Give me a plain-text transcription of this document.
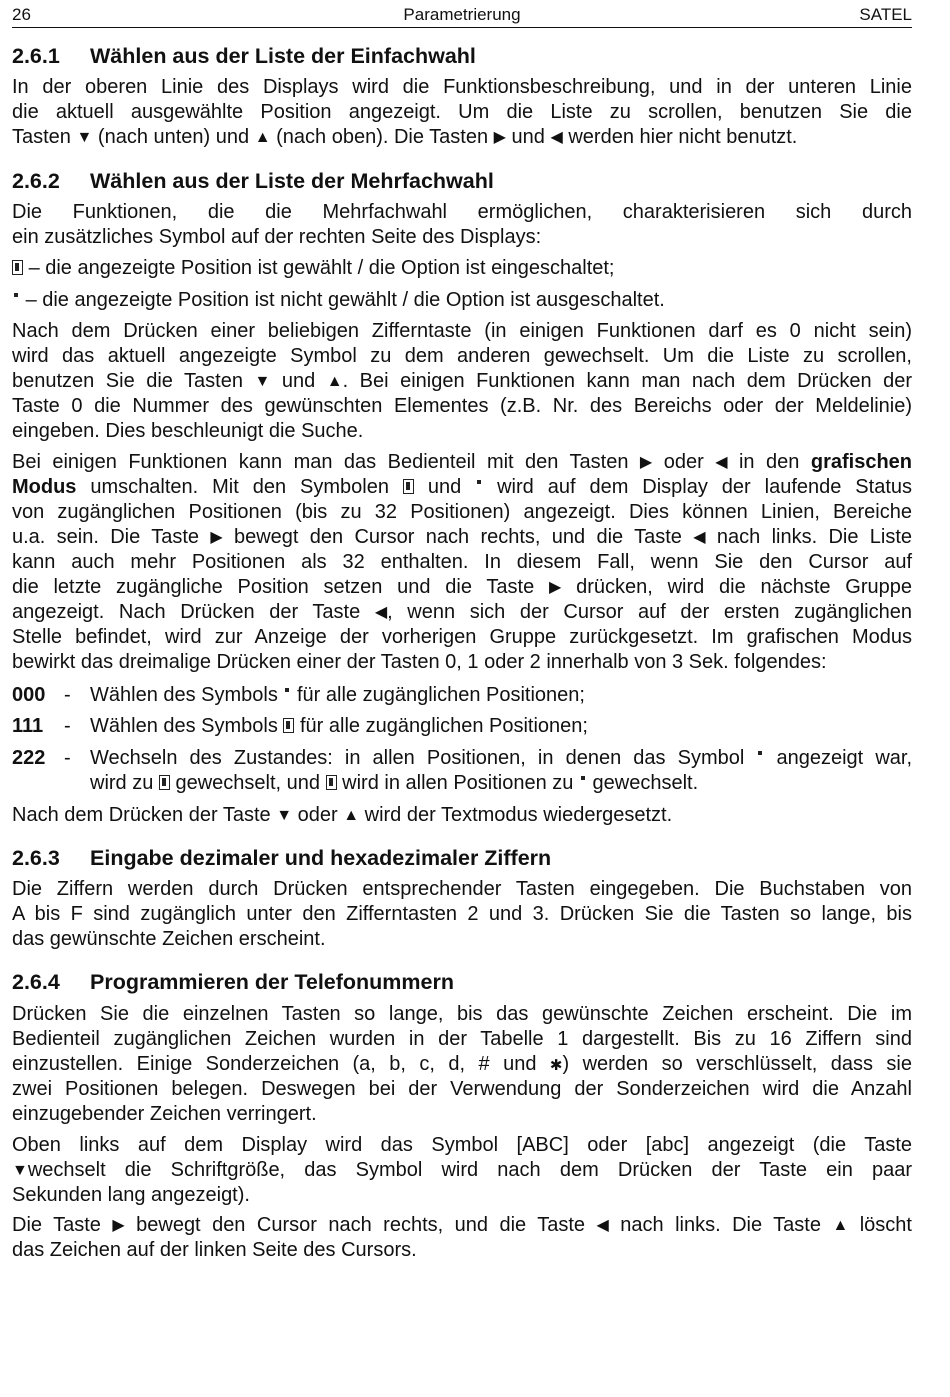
26	Parametrierung	SATEL
2.6.1 Wählen aus der Liste der Einfachwahl
In der oberen Linie des Displays wird die Funktionsbeschreibung, und in der unteren Linie
die aktuell ausgewählte Position angezeigt. Um die Liste zu scrollen, benutzen Sie die
Tasten ▼ (nach unten) und ▲ (nach oben). Die Tasten ▶ und ◀ werden hier nicht benutzt.
2.6.2 Wählen aus der Liste der Mehrfachwahl
Die Funktionen, die die Mehrfachwahl ermöglichen, charakterisieren sich durch
ein zusätzliches Symbol auf der rechten Seite des Displays:
– die angezeigte Position ist gewählt / die Option ist eingeschaltet;
– die angezeigte Position ist nicht gewählt / die Option ist ausgeschaltet.
Nach dem Drücken einer beliebigen Zifferntaste (in einigen Funktionen darf es 0 nicht sein)
wird das aktuell angezeigte Symbol zu dem anderen gewechselt. Um die Liste zu scrollen,
benutzen Sie die Tasten ▼ und ▲. Bei einigen Funktionen kann man nach dem Drücken der
Taste 0 die Nummer des gewünschten Elementes (z.B. Nr. des Bereichs oder der Meldelinie)
eingeben. Dies beschleunigt die Suche.
Bei einigen Funktionen kann man das Bedienteil mit den Tasten ▶ oder ◀ in den grafischen
Modus umschalten. Mit den Symbolen und wird auf dem Display der laufende Status
von zugänglichen Positionen (bis zu 32 Positionen) angezeigt. Dies können Linien, Bereiche
u.a. sein. Die Taste ▶ bewegt den Cursor nach rechts, und die Taste ◀ nach links. Die Liste
kann auch mehr Positionen als 32 enthalten. In diesem Fall, wenn Sie den Cursor auf
die letzte zugängliche Position setzen und die Taste ▶ drücken, wird die nächste Gruppe
angezeigt. Nach Drücken der Taste ◀, wenn sich der Cursor auf der ersten zugänglichen
Stelle befindet, wird zur Anzeige der vorherigen Gruppe zurückgesetzt. Im grafischen Modus
bewirkt das dreimalige Drücken einer der Tasten 0, 1 oder 2 innerhalb von 3 Sek. folgendes:
000 - Wählen des Symbols für alle zugänglichen Positionen;
111 - Wählen des Symbols für alle zugänglichen Positionen;
222 - Wechseln des Zustandes: in allen Positionen, in denen das Symbol angezeigt war,
wird zu gewechselt, und wird in allen Positionen zu gewechselt.
Nach dem Drücken der Taste ▼ oder ▲ wird der Textmodus wiedergesetzt.
2.6.3 Eingabe dezimaler und hexadezimaler Ziffern
Die Ziffern werden durch Drücken entsprechender Tasten eingegeben. Die Buchstaben von
A bis F sind zugänglich unter den Zifferntasten 2 und 3. Drücken Sie die Tasten so lange, bis
das gewünschte Zeichen erscheint.
2.6.4 Programmieren der Telefonummern
Drücken Sie die einzelnen Tasten so lange, bis das gewünschte Zeichen erscheint. Die im
Bedienteil zugänglichen Zeichen wurden in der Tabelle 1 dargestellt. Bis zu 16 Ziffern sind
einzustellen. Einige Sonderzeichen (a, b, c, d, # und ✱) werden so verschlüsselt, dass sie
zwei Positionen belegen. Deswegen bei der Verwendung der Sonderzeichen wird die Anzahl
einzugebender Zeichen verringert.
Oben links auf dem Display wird das Symbol [ABC] oder [abc] angezeigt (die Taste
▼wechselt die Schriftgröße, das Symbol wird nach dem Drücken der Taste ein paar
Sekunden lang angezeigt).
Die Taste ▶ bewegt den Cursor nach rechts, und die Taste ◀ nach links. Die Taste ▲ löscht
das Zeichen auf der linken Seite des Cursors.
